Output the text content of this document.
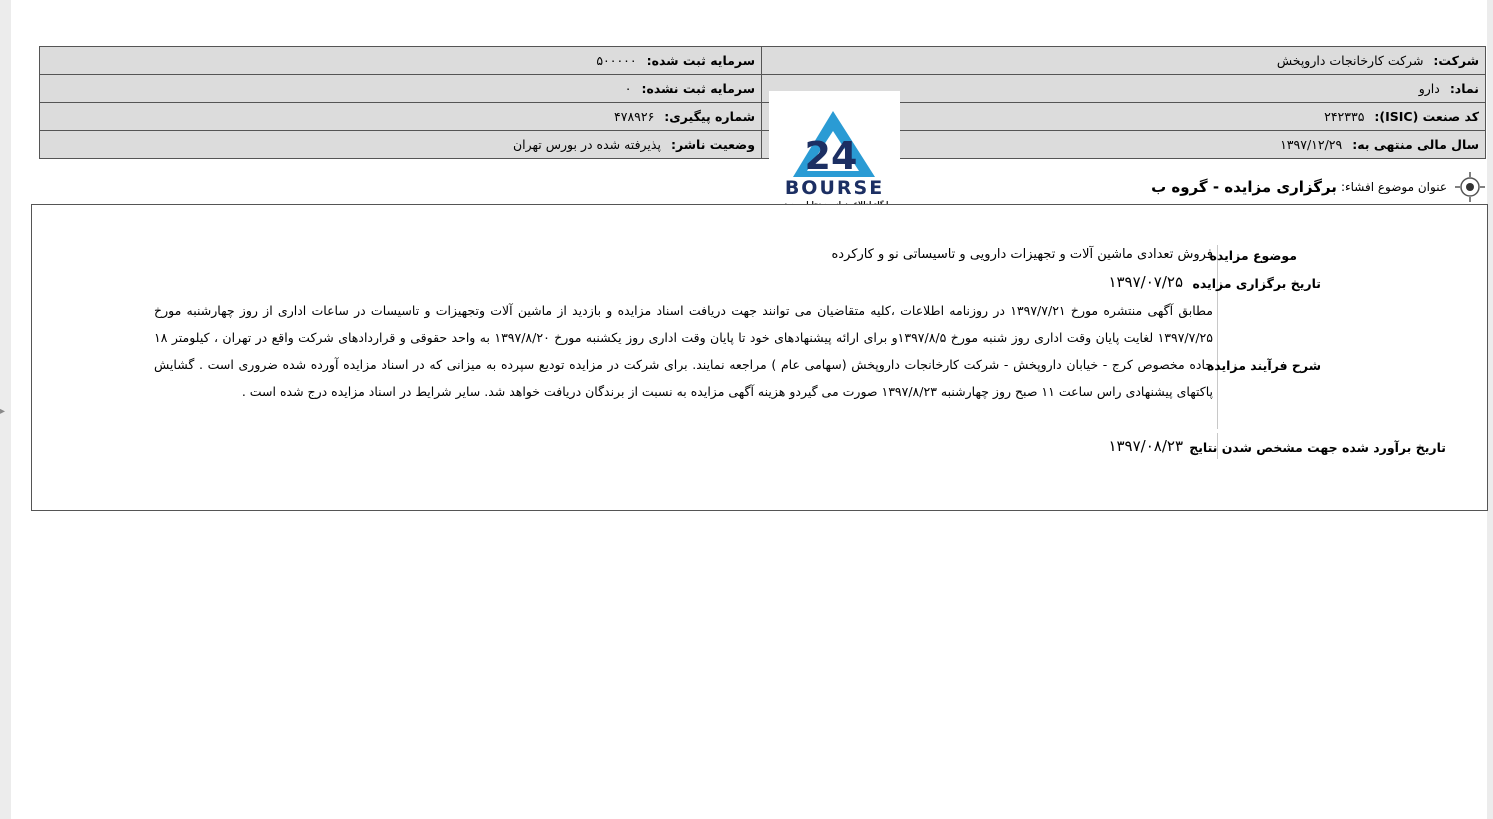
▸
شرکت: شرکت کارخانجات داروپخش	سرمایه ثبت شده: ۵۰۰۰۰۰
نماد: دارو	سرمایه ثبت نشده: ۰
کد صنعت (ISIC): ۲۴۲۳۳۵	شماره پیگیری: ۴۷۸۹۲۶
سال مالی منتهی به: ۱۳۹۷/۱۲/۲۹	وضعیت ناشر: پذیرفته شده در بورس تهران	24
BOURSE	عنوان موضوع افشاء:
برگزاری مزایده - گروه ب
موضوع مزایده
فروش تعدادی ماشین آلات و تجهیزات دارویی و تاسیساتی نو و کارکرده
تاریخ برگزاری مزایده
۱۳۹۷/۰۷/۲۵
شرح فرآیند مزایده
مطابق آگهی منتشره مورخ ۱۳۹۷/۷/۲۱ در روزنامه اطلاعات ،کلیه متقاضیان می توانند جهت دریافت اسناد مزایده و بازدید از ماشین آلات وتجهیزات و تاسیسات در ساعات اداری از روز چهارشنبه مورخ ۱۳۹۷/۷/۲۵ لغایت پایان وقت اداری روز شنبه مورخ ۱۳۹۷/۸/۵و برای ارائه پیشنهادهای خود تا پایان وقت اداری روز یکشنبه مورخ ۱۳۹۷/۸/۲۰ به واحد حقوقی و قراردادهای شرکت واقع در تهران ، کیلومتر ۱۸ جاده مخصوص کرج - خیابان داروپخش - شرکت کارخانجات داروپخش (سهامی عام ) مراجعه نمایند. برای شرکت در مزایده تودیع سپرده به میزانی که در اسناد مزایده آورده شده ضروری است . گشایش پاکتهای پیشنهادی راس ساعت ۱۱ صبح روز چهارشنبه ۱۳۹۷/۸/۲۳ صورت می گیردو هزینه آگهی مزایده به نسبت از برندگان دریافت خواهد شد. سایر شرایط در اسناد مزایده درج شده است .
تاریخ برآورد شده جهت مشخص شدن نتایج
۱۳۹۷/۰۸/۲۳
